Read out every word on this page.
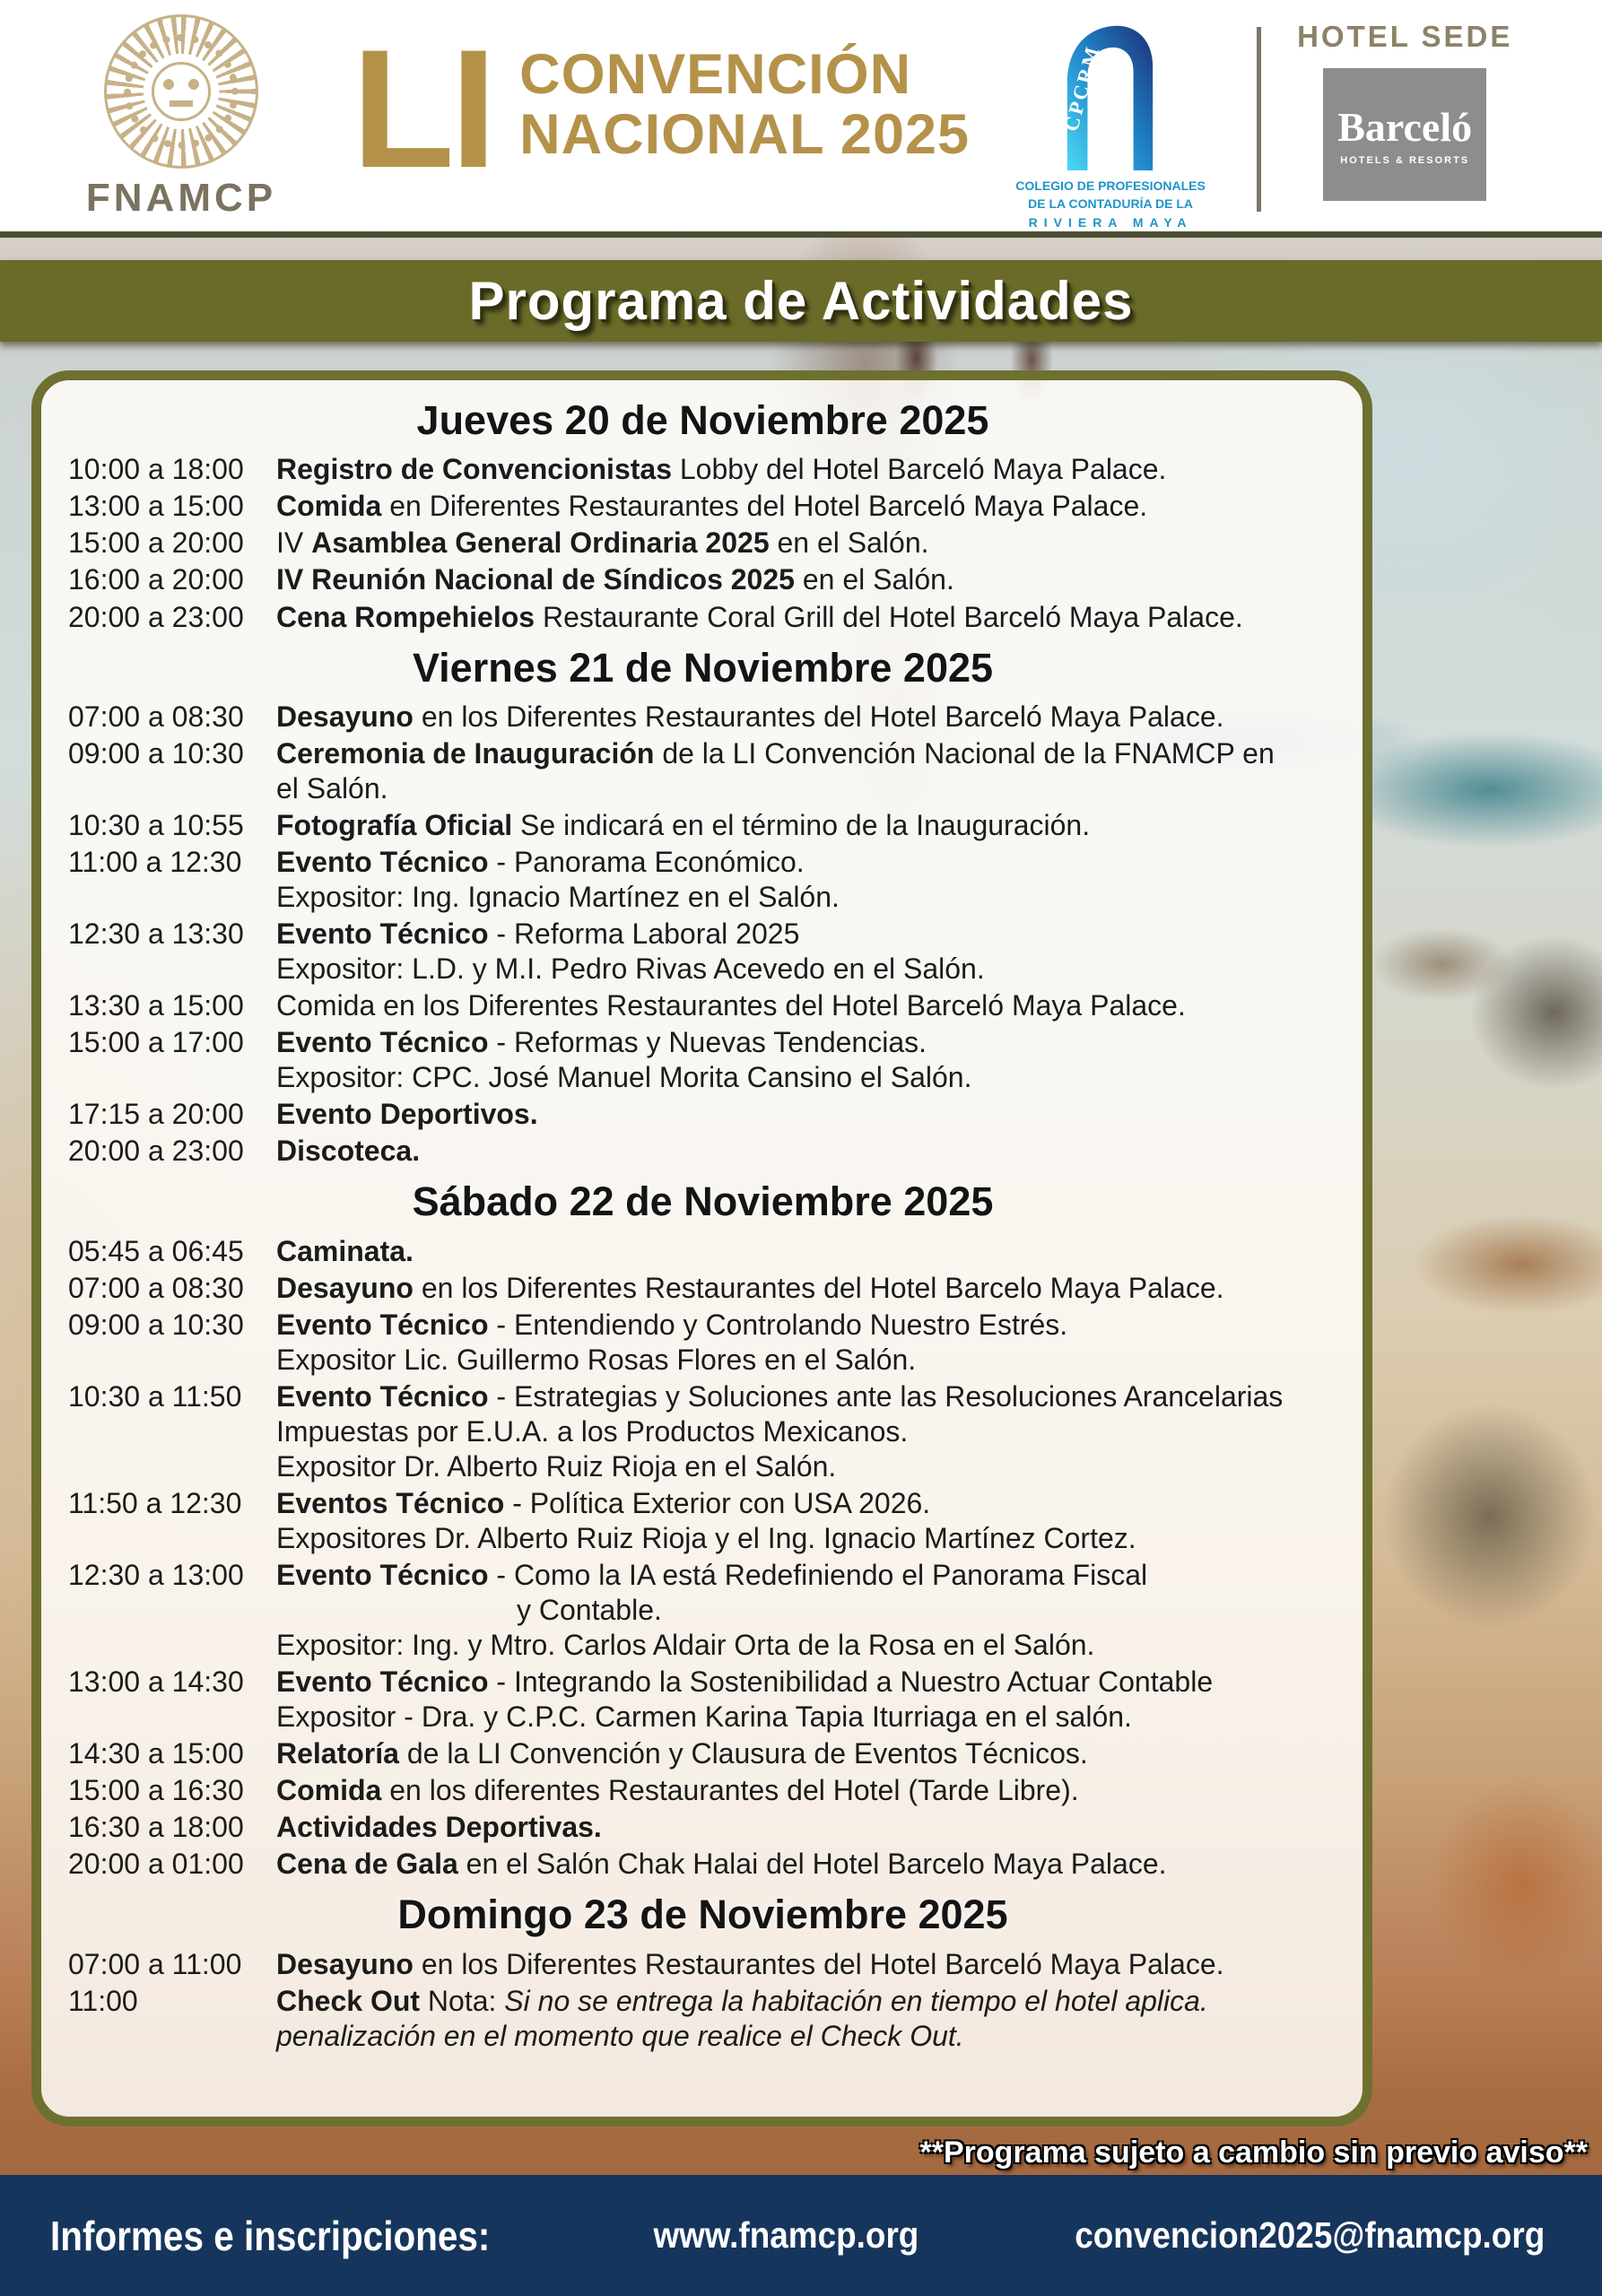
FNAMCP LI CONVENCIÓN
NACIONAL 2025
CPCRM
COLEGIO DE PROFESIONALES
DE LA CONTADURÍA DE LA
RIVIERA MAYA
HOTEL SEDE
Barceló
HOTELS & RESORTS
Programa de Actividades
Jueves 20 de Noviembre 2025
10:00 a 18:00	Registro de Convencionistas Lobby del Hotel Barceló Maya Palace.
13:00 a 15:00	Comida en Diferentes Restaurantes del Hotel Barceló Maya Palace.
15:00 a 20:00	IV Asamblea General Ordinaria 2025 en el Salón.
16:00 a 20:00	IV Reunión Nacional de Síndicos 2025 en el Salón.
20:00 a 23:00	Cena Rompehielos Restaurante Coral Grill del Hotel Barceló Maya Palace.
Viernes 21 de Noviembre 2025
07:00 a 08:30	Desayuno en los Diferentes Restaurantes del Hotel Barceló Maya Palace.
09:00 a 10:30	Ceremonia de Inauguración de la LI Convención Nacional de la FNAMCP en
el Salón.
10:30 a 10:55	Fotografía Oficial Se indicará en el término de la Inauguración.
11:00 a 12:30	Evento Técnico - Panorama Económico.
Expositor: Ing. Ignacio Martínez en el Salón.
12:30 a 13:30	Evento Técnico - Reforma Laboral 2025
Expositor: L.D. y M.I. Pedro Rivas Acevedo en el Salón.
13:30 a 15:00	Comida en los Diferentes Restaurantes del Hotel Barceló Maya Palace.
15:00 a 17:00	Evento Técnico - Reformas y Nuevas Tendencias.
Expositor: CPC. José Manuel Morita Cansino el Salón.
17:15 a 20:00	Evento Deportivos.
20:00 a 23:00	Discoteca.
Sábado 22 de Noviembre 2025
05:45 a 06:45	Caminata.
07:00 a 08:30	Desayuno en los Diferentes Restaurantes del Hotel Barcelo Maya Palace.
09:00 a 10:30	Evento Técnico - Entendiendo y Controlando Nuestro Estrés.
Expositor Lic. Guillermo Rosas Flores en el Salón.
10:30 a 11:50	Evento Técnico - Estrategias y Soluciones ante las Resoluciones Arancelarias
Impuestas por E.U.A. a los Productos Mexicanos.
Expositor Dr. Alberto Ruiz Rioja en el Salón.
11:50 a 12:30	Eventos Técnico - Política Exterior con USA 2026.
Expositores Dr. Alberto Ruiz Rioja y el Ing. Ignacio Martínez Cortez.
12:30 a 13:00	Evento Técnico - Como la IA está Redefiniendo el Panorama Fiscal
y Contable.
Expositor: Ing. y Mtro. Carlos Aldair Orta de la Rosa en el Salón.
13:00 a 14:30	Evento Técnico - Integrando la Sostenibilidad a Nuestro Actuar Contable
Expositor - Dra. y C.P.C. Carmen Karina Tapia Iturriaga en el salón.
14:30 a 15:00	Relatoría de la LI Convención y Clausura de Eventos Técnicos.
15:00 a 16:30	Comida en los diferentes Restaurantes del Hotel (Tarde Libre).
16:30 a 18:00	Actividades Deportivas.
20:00 a 01:00	Cena de Gala en el Salón Chak Halai del Hotel Barcelo Maya Palace.
Domingo 23 de Noviembre 2025
07:00 a 11:00	Desayuno en los Diferentes Restaurantes del Hotel Barceló Maya Palace.
11:00	Check Out Nota: Si no se entrega la habitación en tiempo el hotel aplica.
penalización en el momento que realice el Check Out.
**Programa sujeto a cambio sin previo aviso**
Informes e inscripciones:	www.fnamcp.org	convencion2025@fnamcp.org
